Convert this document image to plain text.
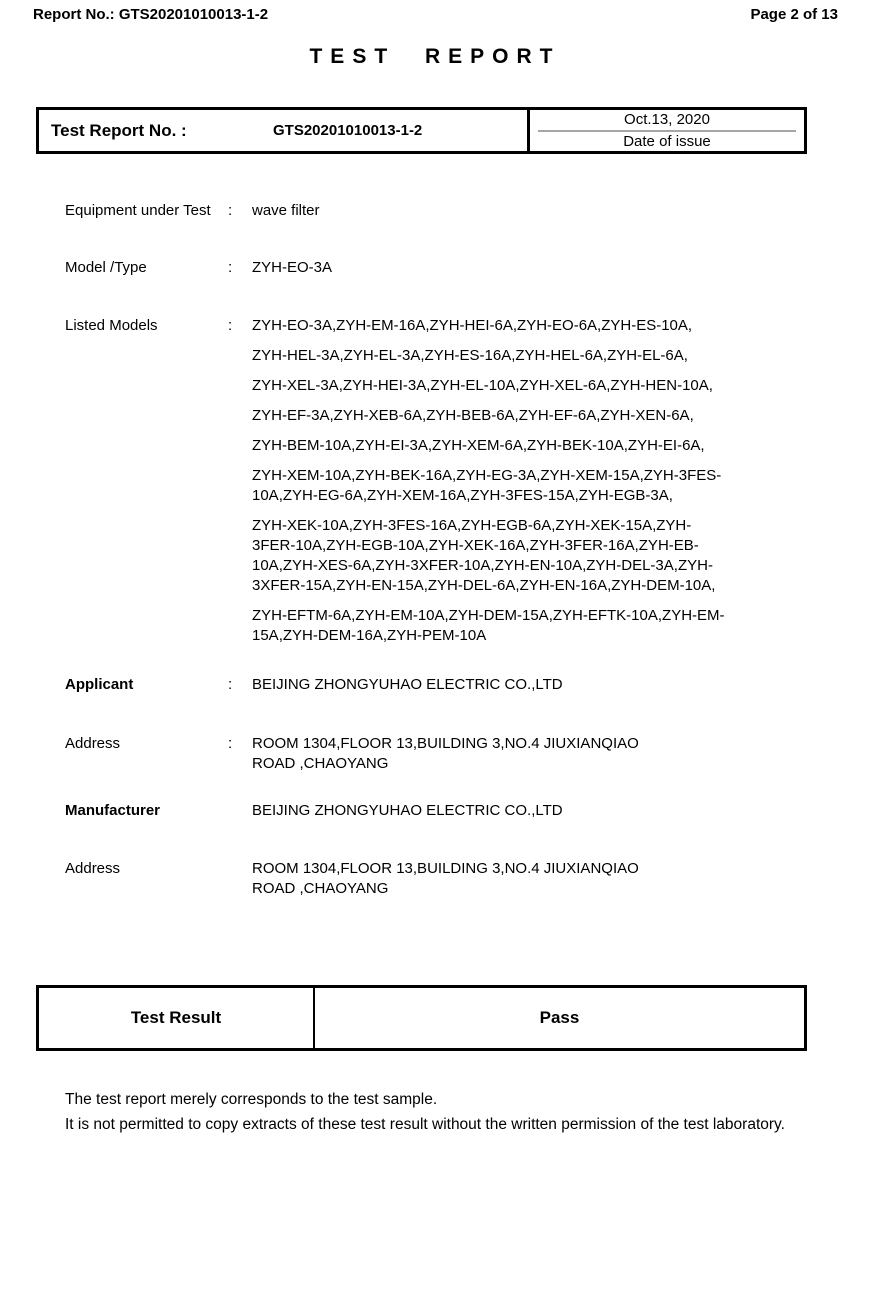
Report No.: GTS20201010013-1-2	Page 2 of 13
TEST REPORT
Test Report No. :	GTS20201010013-1-2
Oct.13, 2020
Date of issue
Equipment under Test	:	wave filter
Model /Type	:	ZYH-EO-3A
Listed Models	:	ZYH-EO-3A,ZYH-EM-16A,ZYH-HEI-6A,ZYH-EO-6A,ZYH-ES-10A,
ZYH-HEL-3A,ZYH-EL-3A,ZYH-ES-16A,ZYH-HEL-6A,ZYH-EL-6A,
ZYH-XEL-3A,ZYH-HEI-3A,ZYH-EL-10A,ZYH-XEL-6A,ZYH-HEN-10A,
ZYH-EF-3A,ZYH-XEB-6A,ZYH-BEB-6A,ZYH-EF-6A,ZYH-XEN-6A,
ZYH-BEM-10A,ZYH-EI-3A,ZYH-XEM-6A,ZYH-BEK-10A,ZYH-EI-6A,
ZYH-XEM-10A,ZYH-BEK-16A,ZYH-EG-3A,ZYH-XEM-15A,ZYH-3FES-
10A,ZYH-EG-6A,ZYH-XEM-16A,ZYH-3FES-15A,ZYH-EGB-3A,
ZYH-XEK-10A,ZYH-3FES-16A,ZYH-EGB-6A,ZYH-XEK-15A,ZYH-
3FER-10A,ZYH-EGB-10A,ZYH-XEK-16A,ZYH-3FER-16A,ZYH-EB-
10A,ZYH-XES-6A,ZYH-3XFER-10A,ZYH-EN-10A,ZYH-DEL-3A,ZYH-
3XFER-15A,ZYH-EN-15A,ZYH-DEL-6A,ZYH-EN-16A,ZYH-DEM-10A,
ZYH-EFTM-6A,ZYH-EM-10A,ZYH-DEM-15A,ZYH-EFTK-10A,ZYH-EM-
15A,ZYH-DEM-16A,ZYH-PEM-10A
Applicant	:	BEIJING ZHONGYUHAO ELECTRIC CO.,LTD
Address	:	ROOM 1304,FLOOR 13,BUILDING 3,NO.4 JIUXIANQIAO
ROAD ,CHAOYANG
Manufacturer	BEIJING ZHONGYUHAO ELECTRIC CO.,LTD
Address	ROOM 1304,FLOOR 13,BUILDING 3,NO.4 JIUXIANQIAO
ROAD ,CHAOYANG
Test Result	Pass
The test report merely corresponds to the test sample.
It is not permitted to copy extracts of these test result without the written permission of the test laboratory.
